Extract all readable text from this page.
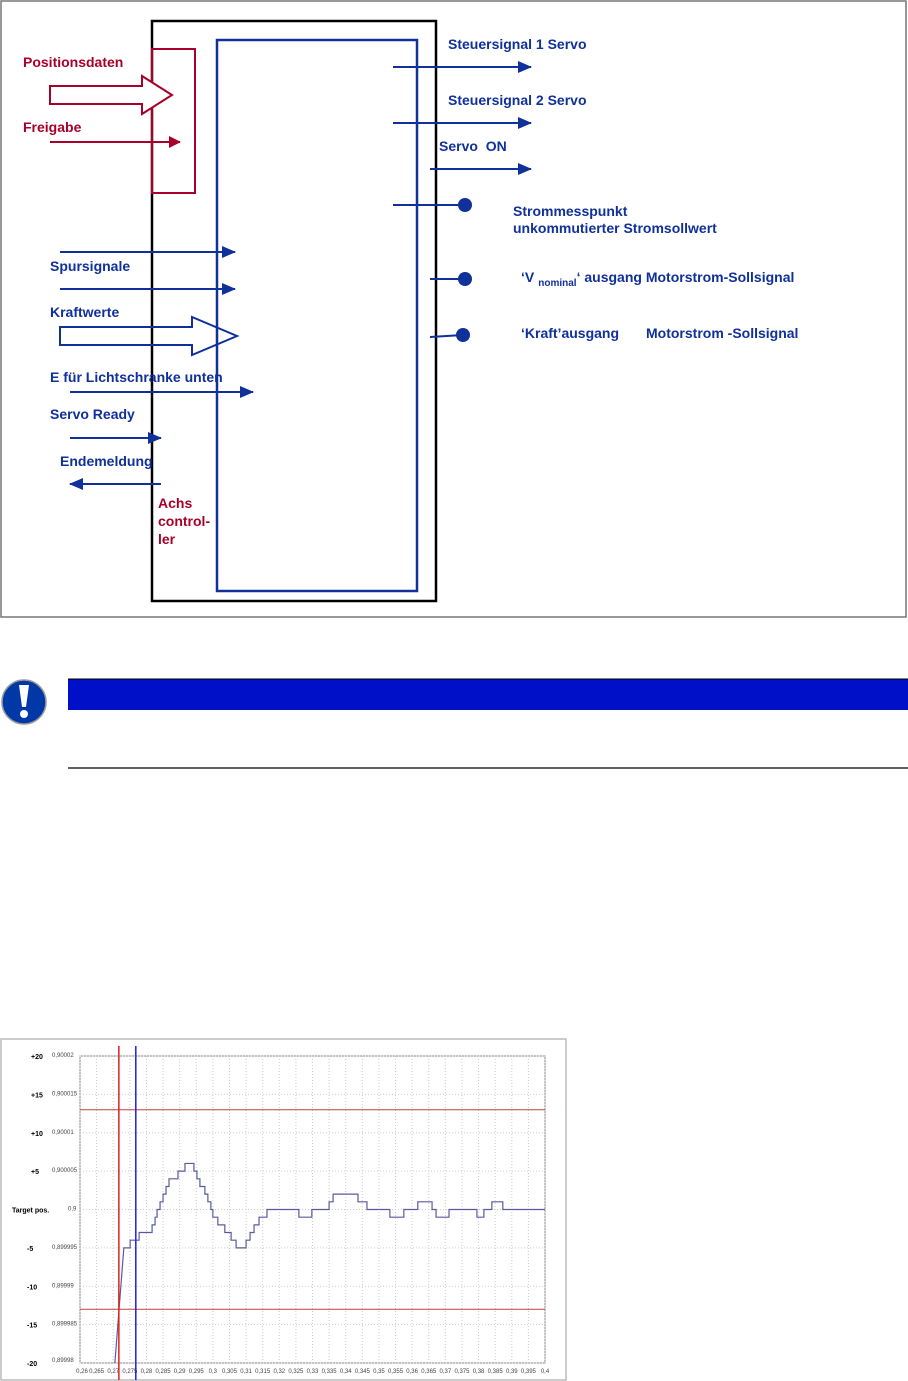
Positionsdaten
Freigabe
Spursignale
Kraftwerte
E für Lichtschranke unten
Servo Ready
Endemeldung
Achs
control-
ler
Steuersignal 1 Servo
Steuersignal 2 Servo
Servo  ON
Strommesspunkt
unkommutierter Stromsollwert
‘V $_{nominal}$‘ ausgang Motorstrom-Sollsignal
‘Kraft’ausgang Motorstrom -Sollsignal
+20 0,90002
+15 0,900015
+10 0,90001
+5 0,900005
Target pos.	0,9
-5	0,899995
-10 0,89999
-15 0,899985
-20 0,89998
0,26 0,265 0,27 0,275 0,28 0,285 0,29 0,295 0,3 0,305 0,31 0,315 0,32 0,325 0,33 0,335 0,34 0,345 0,35 0,355 0,36 0,365 0,37 0,375 0,38 0,385 0,39 0,395 0,4
